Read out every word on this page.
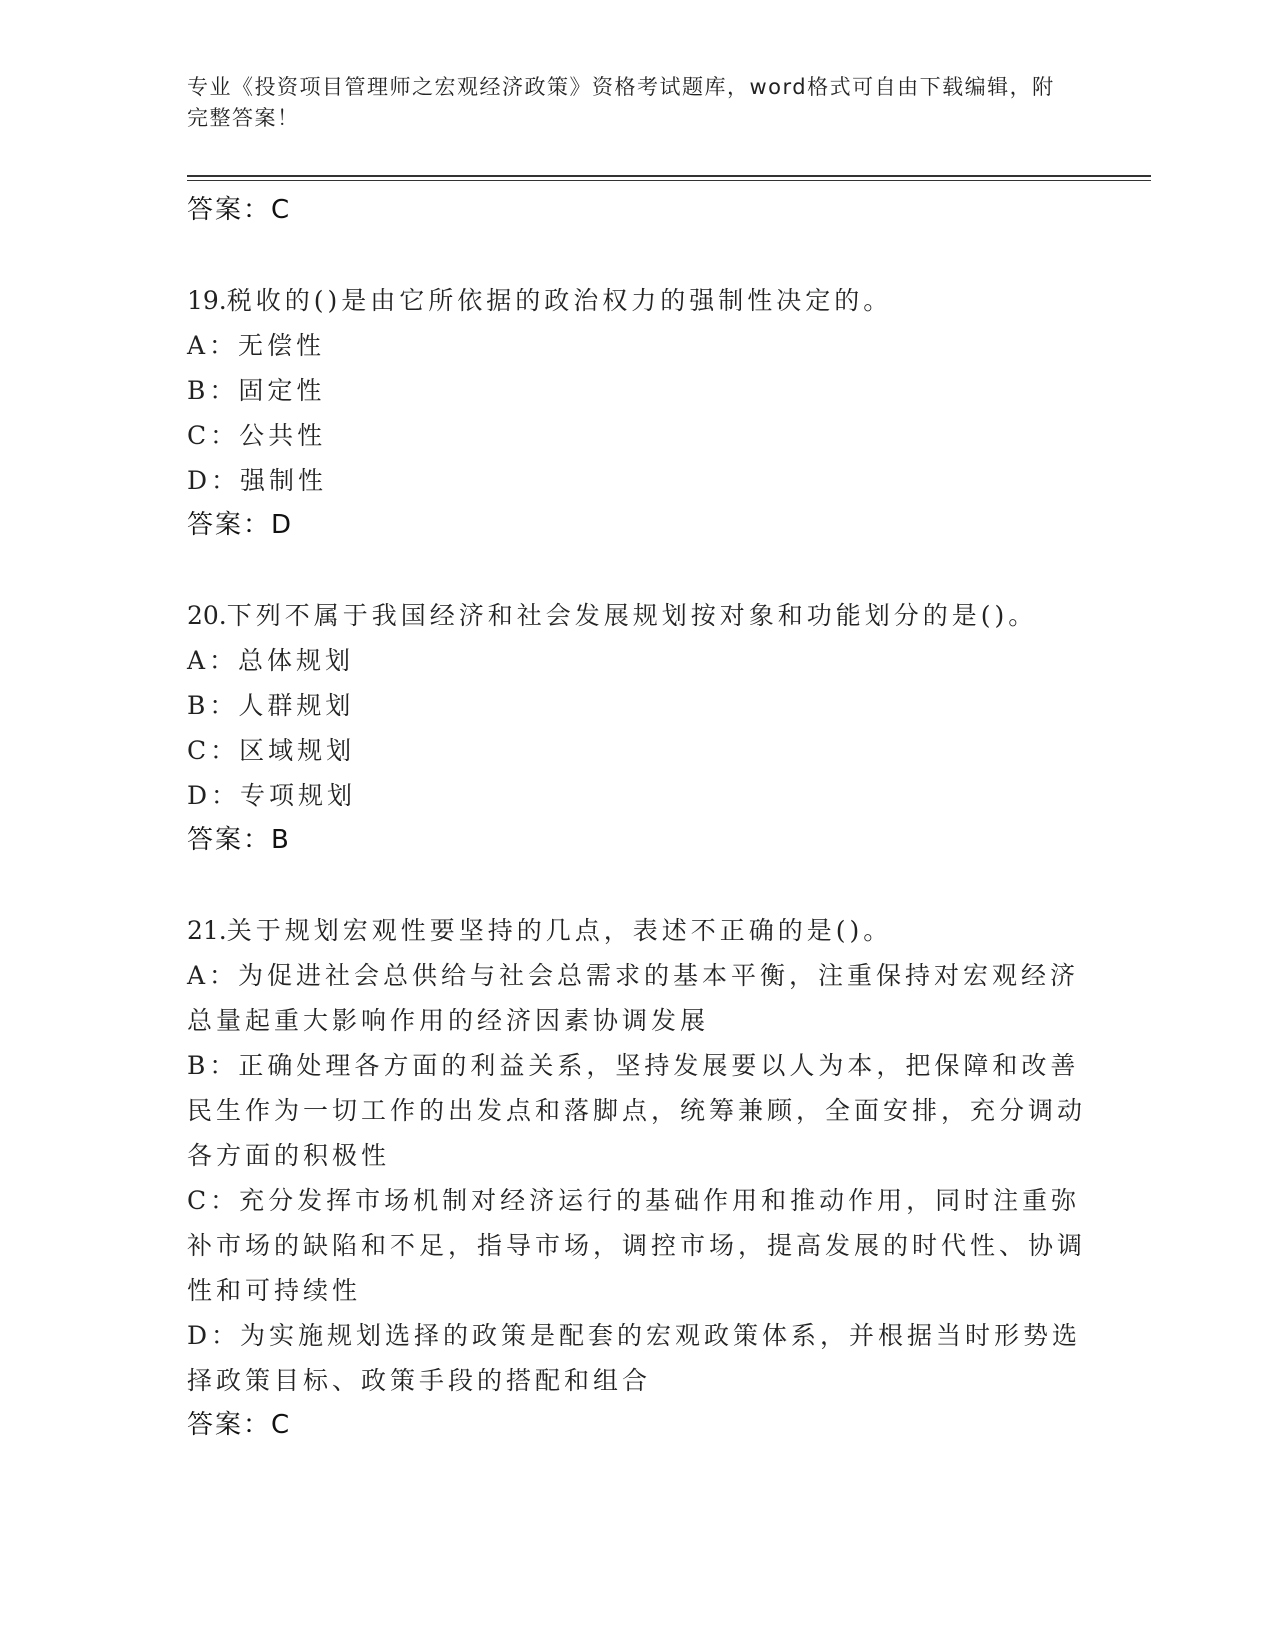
专业《投资项目管理师之宏观经济政策》资格考试题库，word格式可自由下载编辑，附完整答案！
答案：C
19.税收的()是由它所依据的政治权力的强制性决定的。
A：无偿性
B：固定性
C：公共性
D：强制性
答案：D
20.下列不属于我国经济和社会发展规划按对象和功能划分的是()。
A：总体规划
B：人群规划
C：区域规划
D：专项规划
答案：B
21.关于规划宏观性要坚持的几点，表述不正确的是()。
A：为促进社会总供给与社会总需求的基本平衡，注重保持对宏观经济总量起重大影响作用的经济因素协调发展
B：正确处理各方面的利益关系，坚持发展要以人为本，把保障和改善民生作为一切工作的出发点和落脚点，统筹兼顾，全面安排，充分调动各方面的积极性
C：充分发挥市场机制对经济运行的基础作用和推动作用，同时注重弥补市场的缺陷和不足，指导市场，调控市场，提高发展的时代性、协调性和可持续性
D：为实施规划选择的政策是配套的宏观政策体系，并根据当时形势选择政策目标、政策手段的搭配和组合
答案：C
